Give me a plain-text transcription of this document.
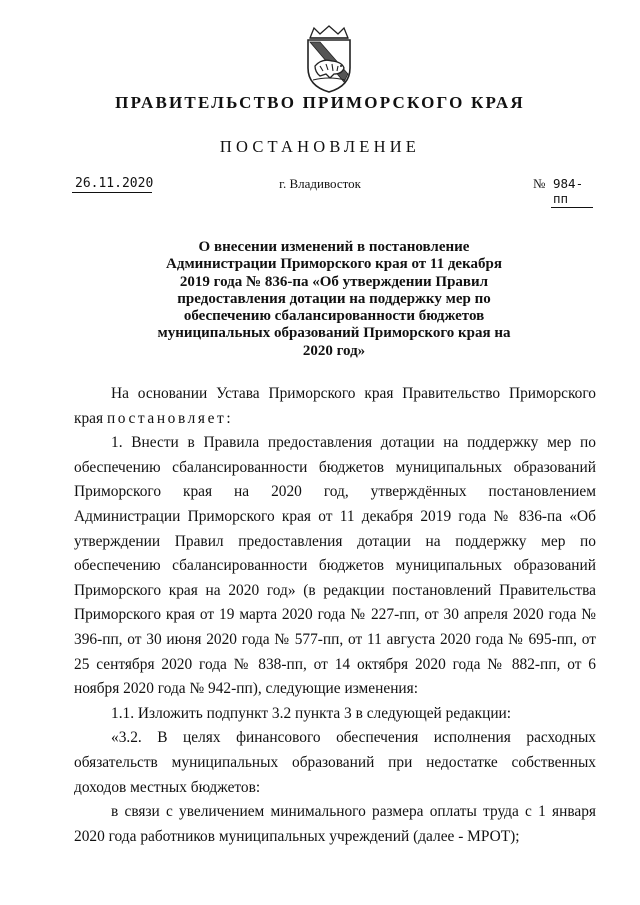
ПРАВИТЕЛЬСТВО ПРИМОРСКОГО КРАЯ
ПОСТАНОВЛЕНИЕ
26.11.2020	г. Владивосток	№ 984-пп
О внесении изменений в постановление Администрации Приморского края от 11 декабря 2019 года № 836-па «Об утверждении Правил предоставления дотации на поддержку мер по обеспечению сбалансированности бюджетов муниципальных образований Приморского края на 2020 год»

На основании Устава Приморского края Правительство Приморского края постановляет:

1. Внести в Правила предоставления дотации на поддержку мер по обеспечению сбалансированности бюджетов муниципальных образований Приморского края на 2020 год, утверждённых постановлением Администрации Приморского края от 11 декабря 2019 года № 836-па «Об утверждении Правил предоставления дотации на поддержку мер по обеспечению сбалансированности бюджетов муниципальных образований Приморского края на 2020 год» (в редакции постановлений Правительства Приморского края от 19 марта 2020 года № 227-пп, от 30 апреля 2020 года № 396-пп, от 30 июня 2020 года № 577-пп, от 11 августа 2020 года № 695-пп, от 25 сентября 2020 года № 838-пп, от 14 октября 2020 года № 882-пп, от 6 ноября 2020 года № 942-пп), следующие изменения:

1.1. Изложить подпункт 3.2 пункта 3 в следующей редакции:

«3.2. В целях финансового обеспечения исполнения расходных обязательств муниципальных образований при недостатке собственных доходов местных бюджетов:

в связи с увеличением минимального размера оплаты труда с 1 января 2020 года работников муниципальных учреждений (далее - МРОТ);
